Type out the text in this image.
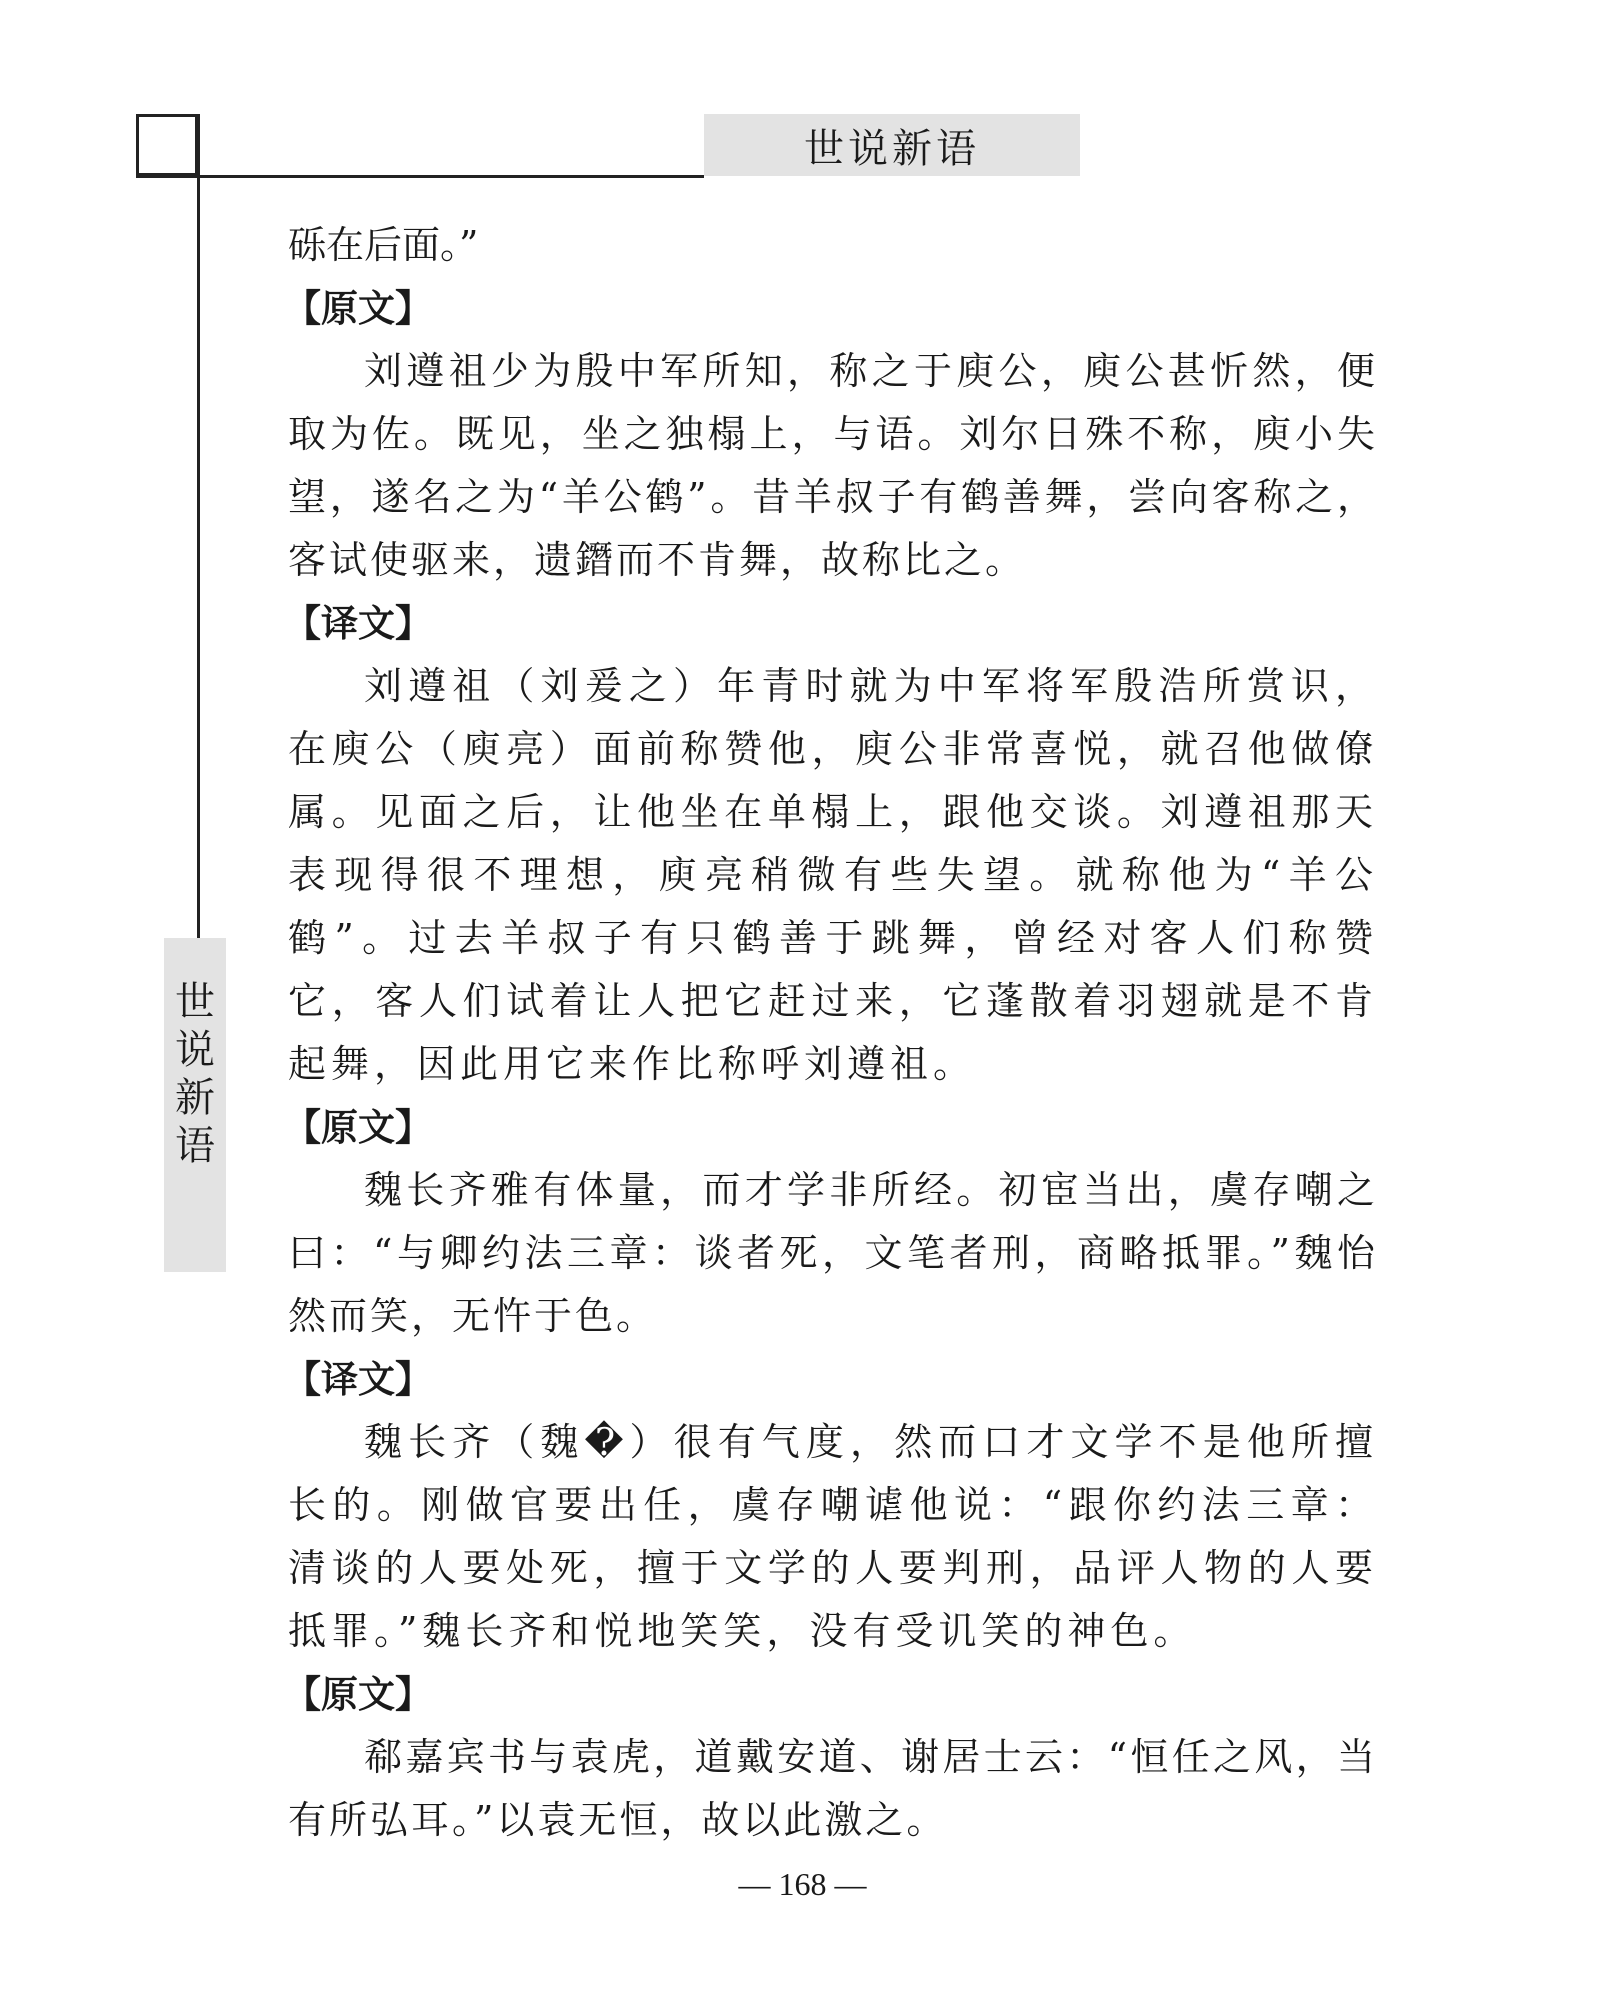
世说新语
世
说
新
语

砾在后面。”

【原文】

刘遵祖少为殷中军所知，称之于庾公，庾公甚忻然，便取为佐。既见，坐之独榻上，与语。刘尔日殊不称，庾小失望，遂名之为“羊公鹤”。昔羊叔子有鹤善舞，尝向客称之，客试使驱来，遗鐕而不肯舞，故称比之。

【译文】

刘遵祖（刘爰之）年青时就为中军将军殷浩所赏识，在庾公（庾亮）面前称赞他，庾公非常喜悦，就召他做僚属。见面之后，让他坐在单榻上，跟他交谈。刘遵祖那天表现得很不理想，庾亮稍微有些失望。就称他为“羊公鹤”。过去羊叔子有只鹤善于跳舞，曾经对客人们称赞它，客人们试着让人把它赶过来，它蓬散着羽翅就是不肯起舞，因此用它来作比称呼刘遵祖。

【原文】

魏长齐雅有体量，而才学非所经。初宦当出，虞存嘲之曰：“与卿约法三章：谈者死，文笔者刑，商略抵罪。”魏怡然而笑，无忤于色。

【译文】

魏长齐（魏�）很有气度，然而口才文学不是他所擅长的。刚做官要出任，虞存嘲谑他说：“跟你约法三章：清谈的人要处死，擅于文学的人要判刑，品评人物的人要抵罪。”魏长齐和悦地笑笑，没有受讥笑的神色。

【原文】

郗嘉宾书与袁虎，道戴安道、谢居士云：“恒任之风，当有所弘耳。”以袁无恒，故以此激之。

— 168 —
